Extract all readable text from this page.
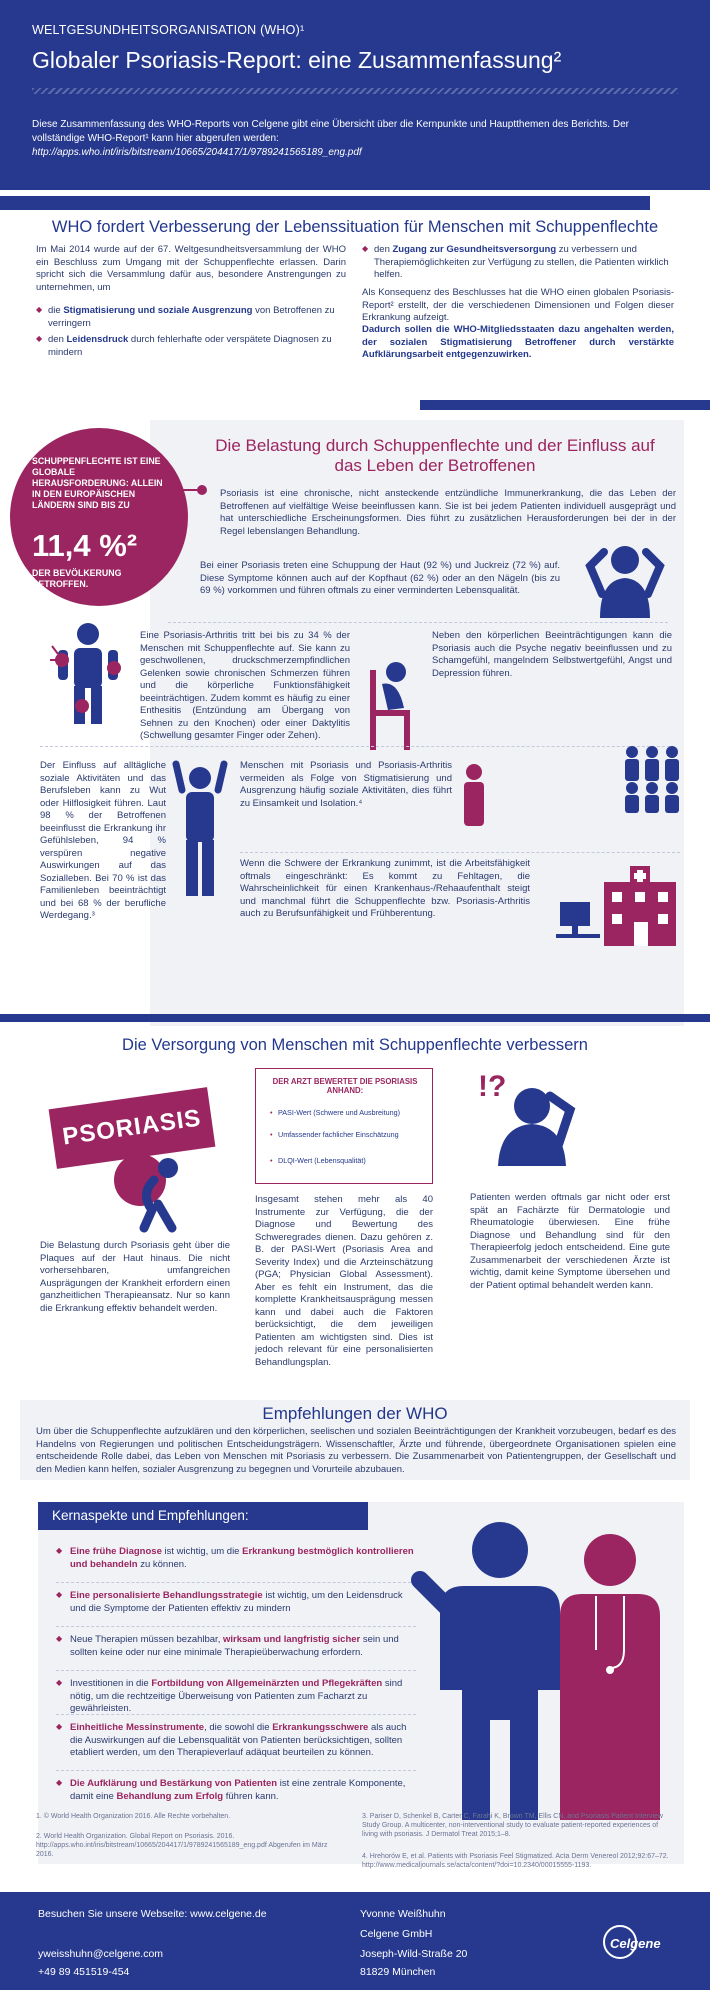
WELTGESUNDHEITSORGANISATION (WHO)¹
Globaler Psoriasis-Report: eine Zusammenfassung²
Diese Zusammenfassung des WHO-Reports von Celgene gibt eine Übersicht über die Kernpunkte und Hauptthemen des Berichts. Der vollständige WHO-Report¹ kann hier abgerufen werden:
http://apps.who.int/iris/bitstream/10665/204417/1/9789241565189_eng.pdf
WHO fordert Verbesserung der Lebenssituation für Menschen mit Schuppenflechte
Im Mai 2014 wurde auf der 67. Weltgesundheitsversammlung der WHO ein Beschluss zum Umgang mit der Schuppenflechte erlassen. Darin spricht sich die Versammlung dafür aus, besondere Anstrengungen zu unternehmen, um
◆ die Stigmatisierung und soziale Ausgrenzung von Betroffenen zu verringern
◆ den Leidensdruck durch fehlerhafte oder verspätete Diagnosen zu mindern
◆ den Zugang zur Gesundheitsversorgung zu verbessern und Therapiemöglichkeiten zur Verfügung zu stellen, die Patienten wirklich helfen.
Als Konsequenz des Beschlusses hat die WHO einen globalen Psoriasis-Report² erstellt, der die verschiedenen Dimensionen und Folgen dieser Erkrankung aufzeigt.
Dadurch sollen die WHO-Mitgliedsstaaten dazu angehalten werden, der sozialen Stigmatisierung Betroffener durch verstärkte Aufklärungsarbeit entgegenzuwirken.
SCHUPPENFLECHTE IST EINE GLOBALE HERAUSFORDERUNG: ALLEIN IN DEN EUROPÄISCHEN LÄNDERN SIND BIS ZU
11,4 %²
DER BEVÖLKERUNG BETROFFEN.
Die Belastung durch Schuppenflechte und der Einfluss auf das Leben der Betroffenen
Psoriasis ist eine chronische, nicht ansteckende entzündliche Immunerkrankung, die das Leben der Betroffenen auf vielfältige Weise beeinflussen kann. Sie ist bei jedem Patienten individuell ausgeprägt und hat unterschiedliche Erscheinungsformen. Dies führt zu zusätzlichen Herausforderungen bei der in der Regel lebenslangen Behandlung.
Bei einer Psoriasis treten eine Schuppung der Haut (92 %) und Juckreiz (72 %) auf. Diese Symptome können auch auf der Kopfhaut (62 %) oder an den Nägeln (bis zu 69 %) vorkommen und führen oftmals zu einer verminderten Lebensqualität.
Eine Psoriasis-Arthritis tritt bei bis zu 34 % der Menschen mit Schuppenflechte auf. Sie kann zu geschwollenen, druckschmerzempfindlichen Gelenken sowie chronischen Schmerzen führen und die körperliche Funktionsfähigkeit beeinträchtigen. Zudem kommt es häufig zu einer Enthesitis (Entzündung am Übergang von Sehnen zu den Knochen) oder einer Daktylitis (Schwellung gesamter Finger oder Zehen).
Neben den körperlichen Beeinträchtigungen kann die Psoriasis auch die Psyche negativ beeinflussen und zu Schamgefühl, mangelndem Selbstwertgefühl, Angst und Depression führen.
Der Einfluss auf alltägliche soziale Aktivitäten und das Berufsleben kann zu Wut oder Hilflosigkeit führen. Laut 98 % der Betroffenen beeinflusst die Erkrankung ihr Gefühlsleben, 94 % verspüren negative Auswirkungen auf das Sozialleben. Bei 70 % ist das Familienleben beeinträchtigt und bei 68 % der berufliche Werdegang.³
Menschen mit Psoriasis und Psoriasis-Arthritis vermeiden als Folge von Stigmatisierung und Ausgrenzung häufig soziale Aktivitäten, dies führt zu Einsamkeit und Isolation.⁴
Wenn die Schwere der Erkrankung zunimmt, ist die Arbeitsfähigkeit oftmals eingeschränkt: Es kommt zu Fehltagen, die Wahrscheinlichkeit für einen Krankenhaus-/Rehaaufenthalt steigt und manchmal führt die Schuppenflechte bzw. Psoriasis-Arthritis auch zu Berufsunfähigkeit und Frühberentung.
Die Versorgung von Menschen mit Schuppenflechte verbessern
PSORIASIS
Die Belastung durch Psoriasis geht über die Plaques auf der Haut hinaus. Die nicht vorhersehbaren, umfangreichen Ausprägungen der Krankheit erfordern einen ganzheitlichen Therapieansatz. Nur so kann die Erkrankung effektiv behandelt werden.
DER ARZT BEWERTET DIE PSORIASIS ANHAND:
• PASI-Wert (Schwere und Ausbreitung)
• Umfassender fachlicher Einschätzung
• DLQI-Wert (Lebensqualität)
Insgesamt stehen mehr als 40 Instrumente zur Verfügung, die der Diagnose und Bewertung des Schweregrades dienen. Dazu gehören z. B. der PASI-Wert (Psoriasis Area and Severity Index) und die Arzteinschätzung (PGA; Physician Global Assessment). Aber es fehlt ein Instrument, das die komplette Krankheitsausprägung messen kann und dabei auch die Faktoren berücksichtigt, die dem jeweiligen Patienten am wichtigsten sind. Dies ist jedoch relevant für eine personalisierten Behandlungsplan.
!?
Patienten werden oftmals gar nicht oder erst spät an Fachärzte für Dermatologie und Rheumatologie überwiesen. Eine frühe Diagnose und Behandlung sind für den Therapieerfolg jedoch entscheidend. Eine gute Zusammenarbeit der verschiedenen Ärzte ist wichtig, damit keine Symptome übersehen und der Patient optimal behandelt werden kann.
Empfehlungen der WHO
Um über die Schuppenflechte aufzuklären und den körperlichen, seelischen und sozialen Beeinträchtigungen der Krankheit vorzubeugen, bedarf es des Handelns von Regierungen und politischen Entscheidungsträgern. Wissenschaftler, Ärzte und führende, übergeordnete Organisationen spielen eine entscheidende Rolle dabei, das Leben von Menschen mit Psoriasis zu verbessern. Die Zusammenarbeit von Patientengruppen, der Gesellschaft und den Medien kann helfen, sozialer Ausgrenzung zu begegnen und Vorurteile abzubauen.
Kernaspekte und Empfehlungen:
◆ Eine frühe Diagnose ist wichtig, um die Erkrankung bestmöglich kontrollieren und behandeln zu können.
◆ Eine personalisierte Behandlungsstrategie ist wichtig, um den Leidensdruck und die Symptome der Patienten effektiv zu mindern
◆ Neue Therapien müssen bezahlbar, wirksam und langfristig sicher sein und sollten keine oder nur eine minimale Therapieüberwachung erfordern.
◆ Investitionen in die Fortbildung von Allgemeinärzten und Pflegekräften sind nötig, um die rechtzeitige Überweisung von Patienten zum Facharzt zu gewährleisten.
◆ Einheitliche Messinstrumente, die sowohl die Erkrankungsschwere als auch die Auswirkungen auf die Lebensqualität von Patienten berücksichtigen, sollten etabliert werden, um den Therapieverlauf adäquat beurteilen zu können.
◆ Die Aufklärung und Bestärkung von Patienten ist eine zentrale Komponente, damit eine Behandlung zum Erfolg führen kann.
1. © World Health Organization 2016. Alle Rechte vorbehalten.
2. World Health Organization. Global Report on Psoriasis. 2016. http://apps.who.int/iris/bitstream/10665/204417/1/9789241565189_eng.pdf Abgerufen im März 2016.
3. Pariser D, Schenkel B, Carter C, Farahi K, Brown TM, Ellis CN, and Psoriasis Patient Interview Study Group. A multicenter, non-interventional study to evaluate patient-reported experiences of living with psoriasis. J Dermatol Treat 2015;1–8.
4. Hrehorów E, et al. Patients with Psoriasis Feel Stigmatized. Acta Derm Venereol 2012;92:67–72. http://www.medicaljournals.se/acta/content/?doi=10.2340/00015555-1193.
Besuchen Sie unsere Webseite: www.celgene.de
yweisshuhn@celgene.com
+49 89 451519-454
Yvonne Weißhuhn
Celgene GmbH
Joseph-Wild-Straße 20
81829 München
Celgene
